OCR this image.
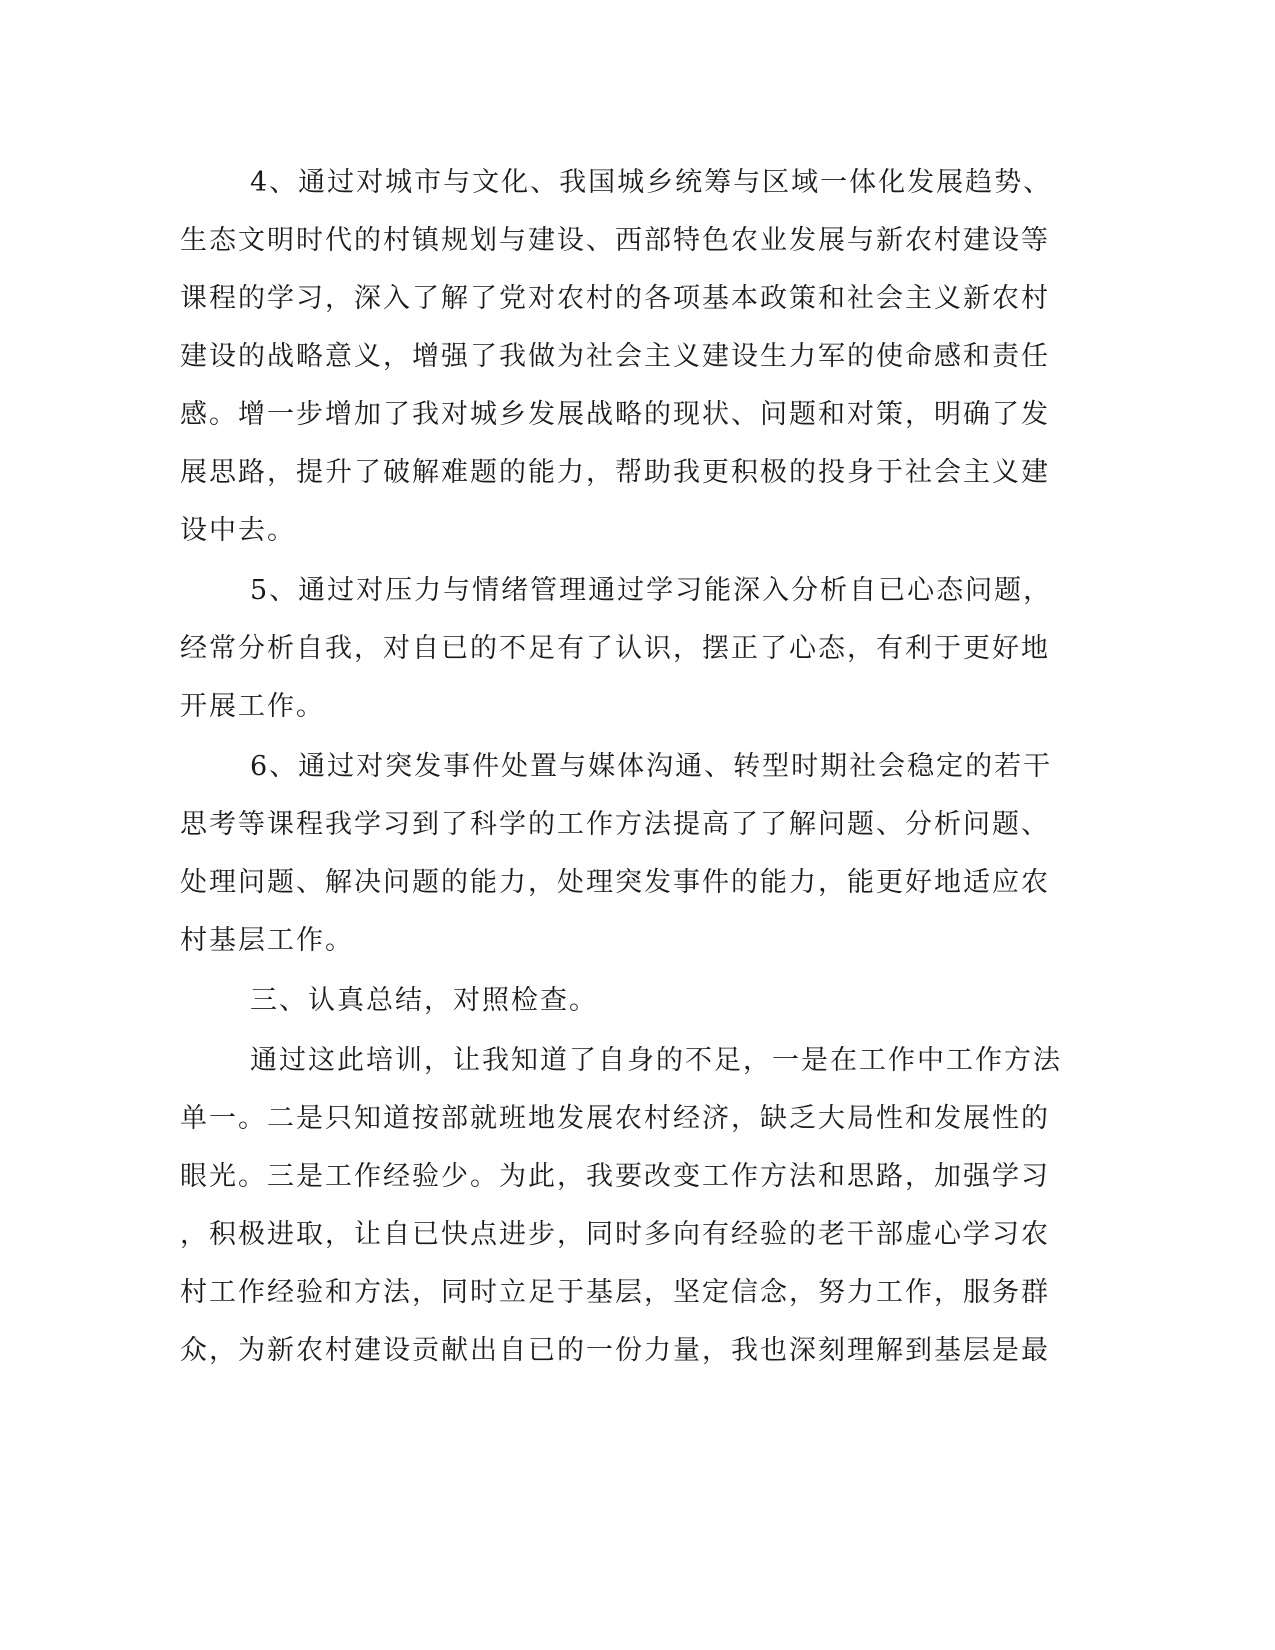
4、通过对城市与文化、我国城乡统筹与区域一体化发展趋势、
生态文明时代的村镇规划与建设、西部特色农业发展与新农村建设等
课程的学习，深入了解了党对农村的各项基本政策和社会主义新农村
建设的战略意义，增强了我做为社会主义建设生力军的使命感和责任
感。增一步增加了我对城乡发展战略的现状、问题和对策，明确了发
展思路，提升了破解难题的能力，帮助我更积极的投身于社会主义建
设中去。
5、通过对压力与情绪管理通过学习能深入分析自已心态问题，
经常分析自我，对自已的不足有了认识，摆正了心态，有利于更好地
开展工作。
6、通过对突发事件处置与媒体沟通、转型时期社会稳定的若干
思考等课程我学习到了科学的工作方法提高了了解问题、分析问题、
处理问题、解决问题的能力，处理突发事件的能力，能更好地适应农
村基层工作。
三、认真总结，对照检查。
通过这此培训，让我知道了自身的不足，一是在工作中工作方法
单一。二是只知道按部就班地发展农村经济，缺乏大局性和发展性的
眼光。三是工作经验少。为此，我要改变工作方法和思路，加强学习
，积极进取，让自已快点进步，同时多向有经验的老干部虚心学习农
村工作经验和方法，同时立足于基层，坚定信念，努力工作，服务群
众，为新农村建设贡献出自已的一份力量，我也深刻理解到基层是最
